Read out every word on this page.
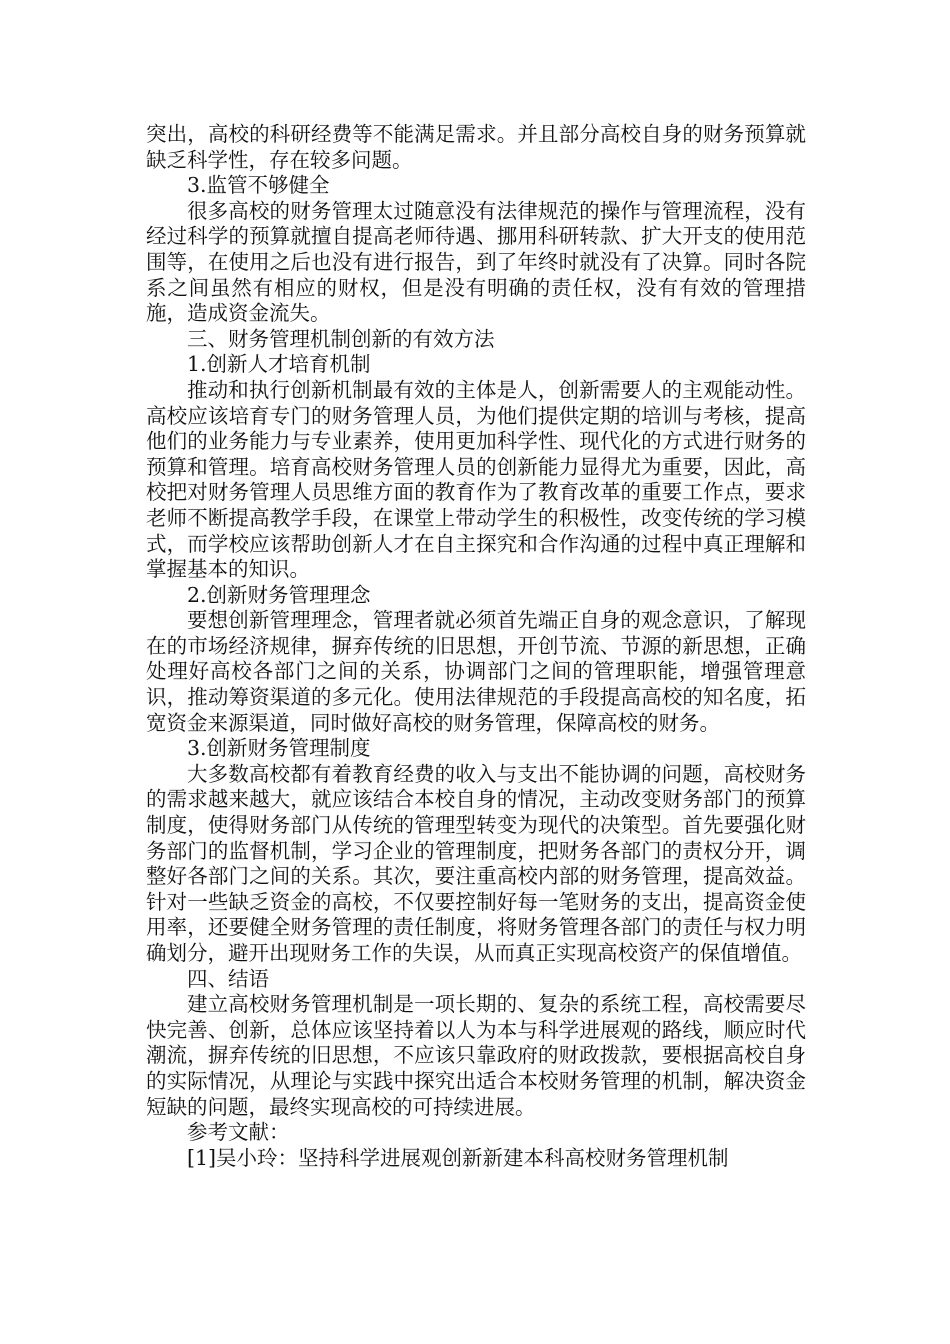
突出，高校的科研经费等不能满足需求。并且部分高校自身的财务预算就缺乏科学性，存在较多问题。

3.监管不够健全

很多高校的财务管理太过随意没有法律规范的操作与管理流程，没有经过科学的预算就擅自提高老师待遇、挪用科研转款、扩大开支的使用范围等，在使用之后也没有进行报告，到了年终时就没有了决算。同时各院系之间虽然有相应的财权，但是没有明确的责任权，没有有效的管理措施，造成资金流失。

三、财务管理机制创新的有效方法

1.创新人才培育机制

推动和执行创新机制最有效的主体是人，创新需要人的主观能动性。高校应该培育专门的财务管理人员，为他们提供定期的培训与考核，提高他们的业务能力与专业素养，使用更加科学性、现代化的方式进行财务的预算和管理。培育高校财务管理人员的创新能力显得尤为重要，因此，高校把对财务管理人员思维方面的教育作为了教育改革的重要工作点，要求老师不断提高教学手段，在课堂上带动学生的积极性，改变传统的学习模式，而学校应该帮助创新人才在自主探究和合作沟通的过程中真正理解和掌握基本的知识。

2.创新财务管理理念

要想创新管理理念，管理者就必须首先端正自身的观念意识，了解现在的市场经济规律，摒弃传统的旧思想，开创节流、节源的新思想，正确处理好高校各部门之间的关系，协调部门之间的管理职能，增强管理意识，推动筹资渠道的多元化。使用法律规范的手段提高高校的知名度，拓宽资金来源渠道，同时做好高校的财务管理，保障高校的财务。

3.创新财务管理制度

大多数高校都有着教育经费的收入与支出不能协调的问题，高校财务的需求越来越大，就应该结合本校自身的情况，主动改变财务部门的预算制度，使得财务部门从传统的管理型转变为现代的决策型。首先要强化财务部门的监督机制，学习企业的管理制度，把财务各部门的责权分开，调整好各部门之间的关系。其次，要注重高校内部的财务管理，提高效益。针对一些缺乏资金的高校，不仅要控制好每一笔财务的支出，提高资金使用率，还要健全财务管理的责任制度，将财务管理各部门的责任与权力明确划分，避开出现财务工作的失误，从而真正实现高校资产的保值增值。

四、结语

建立高校财务管理机制是一项长期的、复杂的系统工程，高校需要尽快完善、创新，总体应该坚持着以人为本与科学进展观的路线，顺应时代潮流，摒弃传统的旧思想，不应该只靠政府的财政拨款，要根据高校自身的实际情况，从理论与实践中探究出适合本校财务管理的机制，解决资金短缺的问题，最终实现高校的可持续进展。

参考文献：

[1]吴小玲：坚持科学进展观创新新建本科高校财务管理机制
